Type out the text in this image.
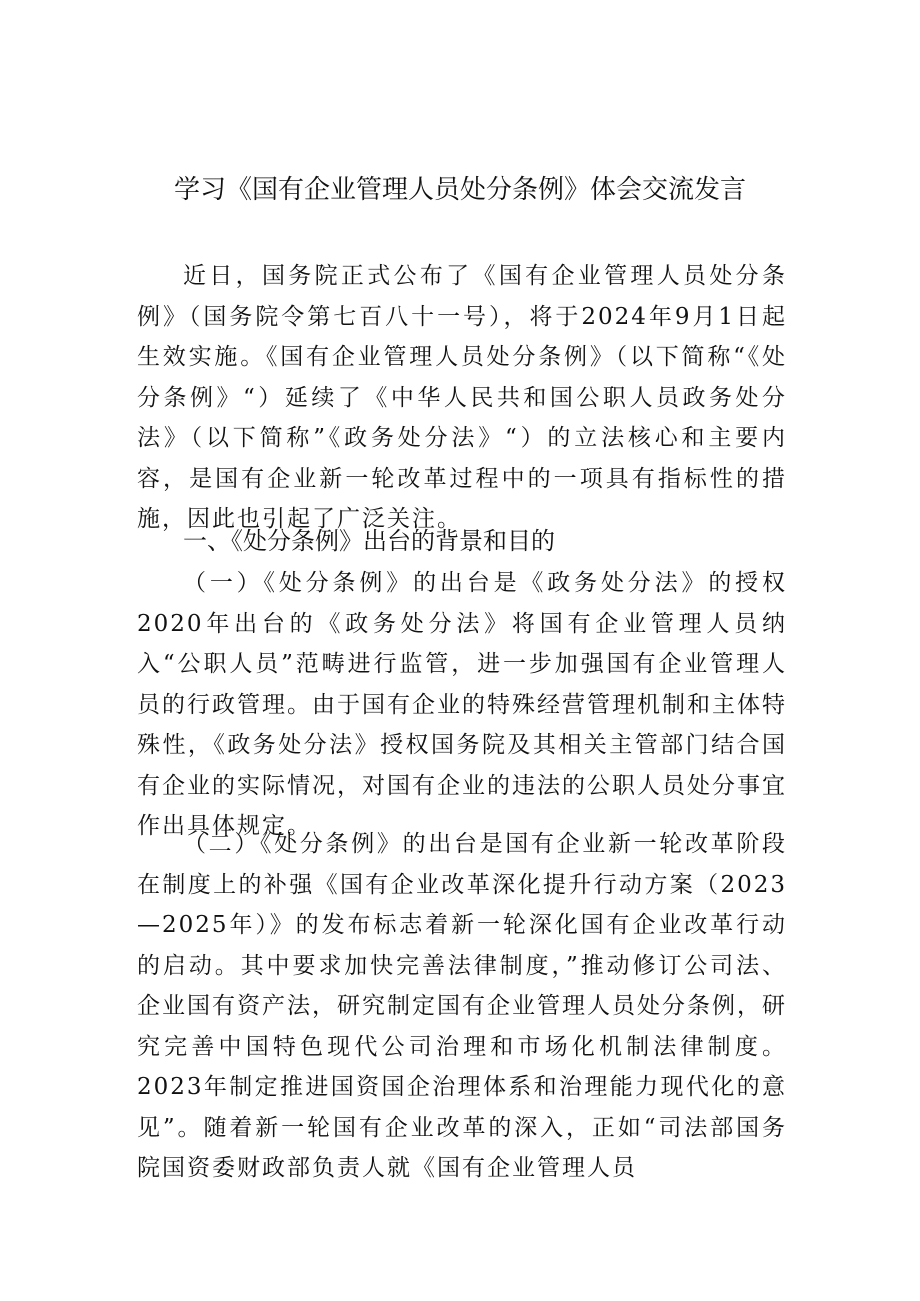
学习《国有企业管理人员处分条例》体会交流发言

近日，国务院正式公布了《国有企业管理人员处分条例》（国务院令第七百八十一号），将于2024年9月1日起生效实施。《国有企业管理人员处分条例》（以下简称“《处分条例》“）延续了《中华人民共和国公职人员政务处分法》（以下简称”《政务处分法》“）的立法核心和主要内容，是国有企业新一轮改革过程中的一项具有指标性的措施，因此也引起了广泛关注。

一、《处分条例》出台的背景和目的

（一）《处分条例》的出台是《政务处分法》的授权2020年出台的《政务处分法》将国有企业管理人员纳入“公职人员”范畴进行监管，进一步加强国有企业管理人员的行政管理。由于国有企业的特殊经营管理机制和主体特殊性，《政务处分法》授权国务院及其相关主管部门结合国有企业的实际情况，对国有企业的违法的公职人员处分事宜作出具体规定。

（二）《处分条例》的出台是国有企业新一轮改革阶段在制度上的补强《国有企业改革深化提升行动方案（2023—2025年）》的发布标志着新一轮深化国有企业改革行动的启动。其中要求加快完善法律制度，”推动修订公司法、企业国有资产法，研究制定国有企业管理人员处分条例，研究完善中国特色现代公司治理和市场化机制法律制度。2023年制定推进国资国企治理体系和治理能力现代化的意见”。随着新一轮国有企业改革的深入，正如“司法部国务院国资委财政部负责人就《国有企业管理人员
